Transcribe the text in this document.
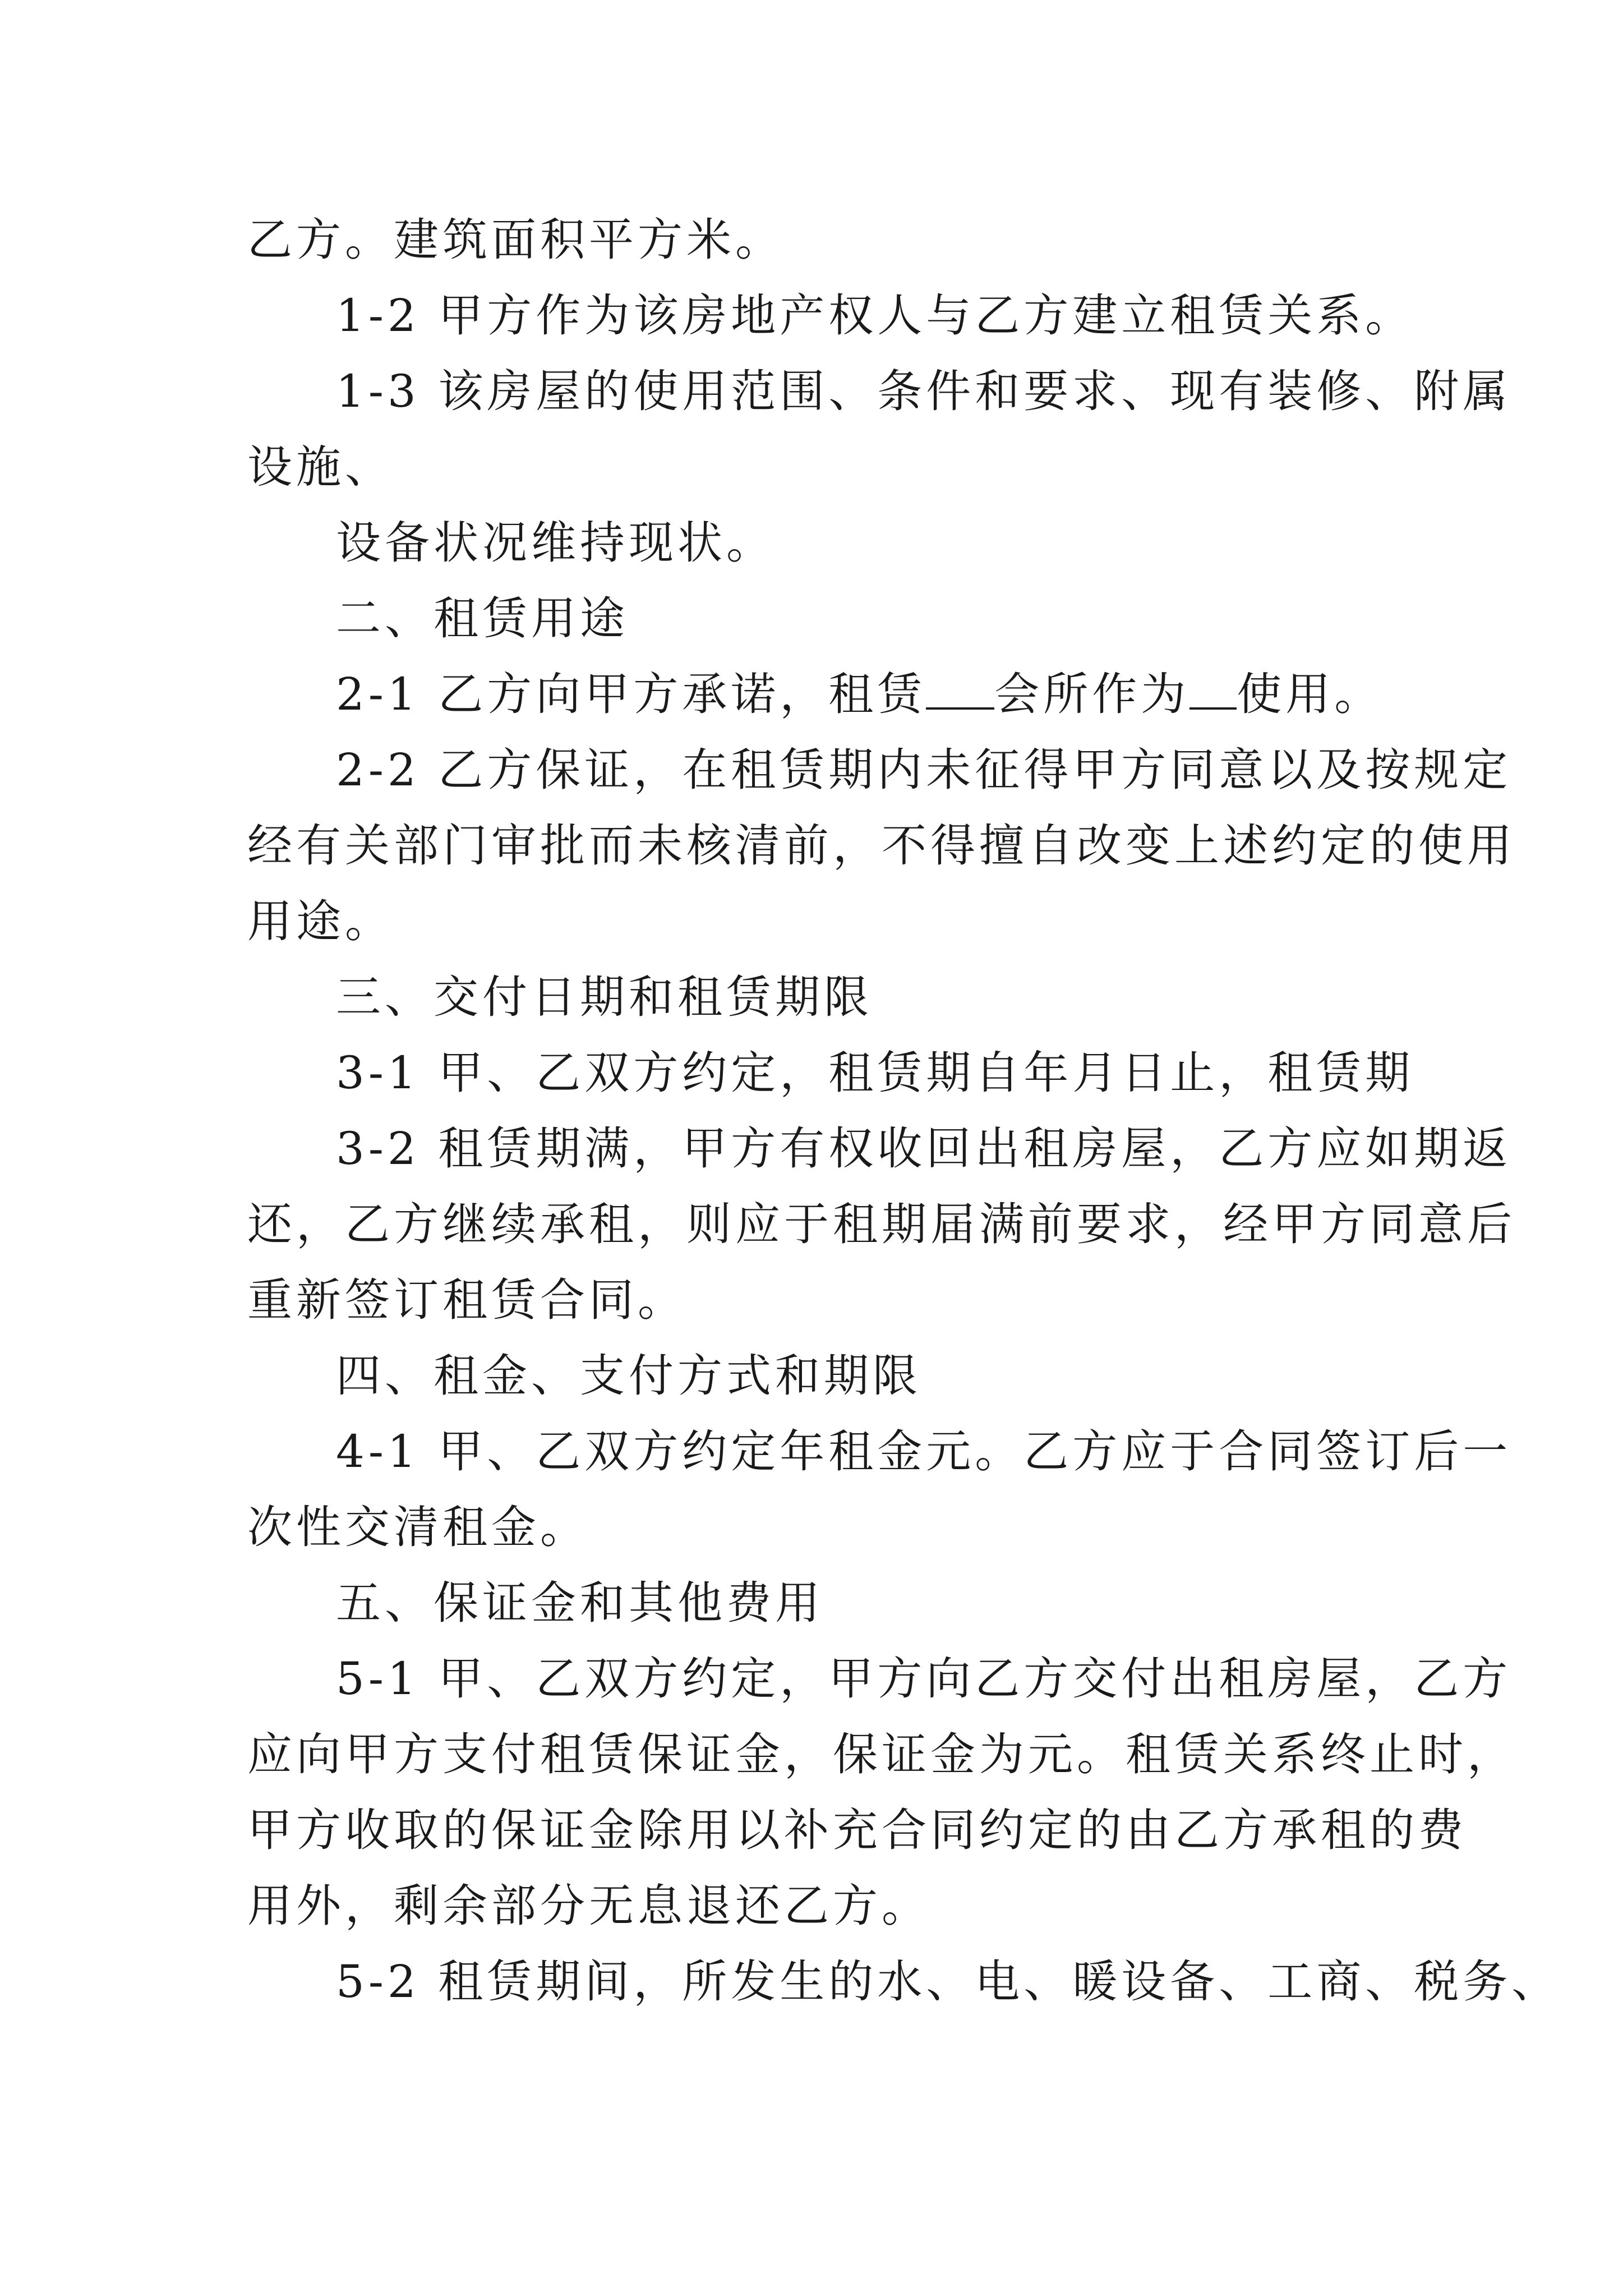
乙方。建筑面积平方米。

1-2 甲方作为该房地产权人与乙方建立租赁关系。

1-3 该房屋的使用范围、条件和要求、现有装修、附属

设施、

设备状况维持现状。

二、租赁用途

2-1 乙方向甲方承诺，租赁 会所作为 使用。

2-2 乙方保证，在租赁期内未征得甲方同意以及按规定

经有关部门审批而未核清前，不得擅自改变上述约定的使用

用途。

三、交付日期和租赁期限

3-1 甲、乙双方约定，租赁期自年月日止，租赁期

3-2 租赁期满，甲方有权收回出租房屋，乙方应如期返

还，乙方继续承租，则应于租期届满前要求，经甲方同意后

重新签订租赁合同。

四、租金、支付方式和期限

4-1 甲、乙双方约定年租金元。乙方应于合同签订后一

次性交清租金。

五、保证金和其他费用

5-1 甲、乙双方约定，甲方向乙方交付出租房屋，乙方

应向甲方支付租赁保证金，保证金为元。租赁关系终止时，

甲方收取的保证金除用以补充合同约定的由乙方承租的费

用外，剩余部分无息退还乙方。

5-2 租赁期间，所发生的水、电、暖设备、工商、税务、
